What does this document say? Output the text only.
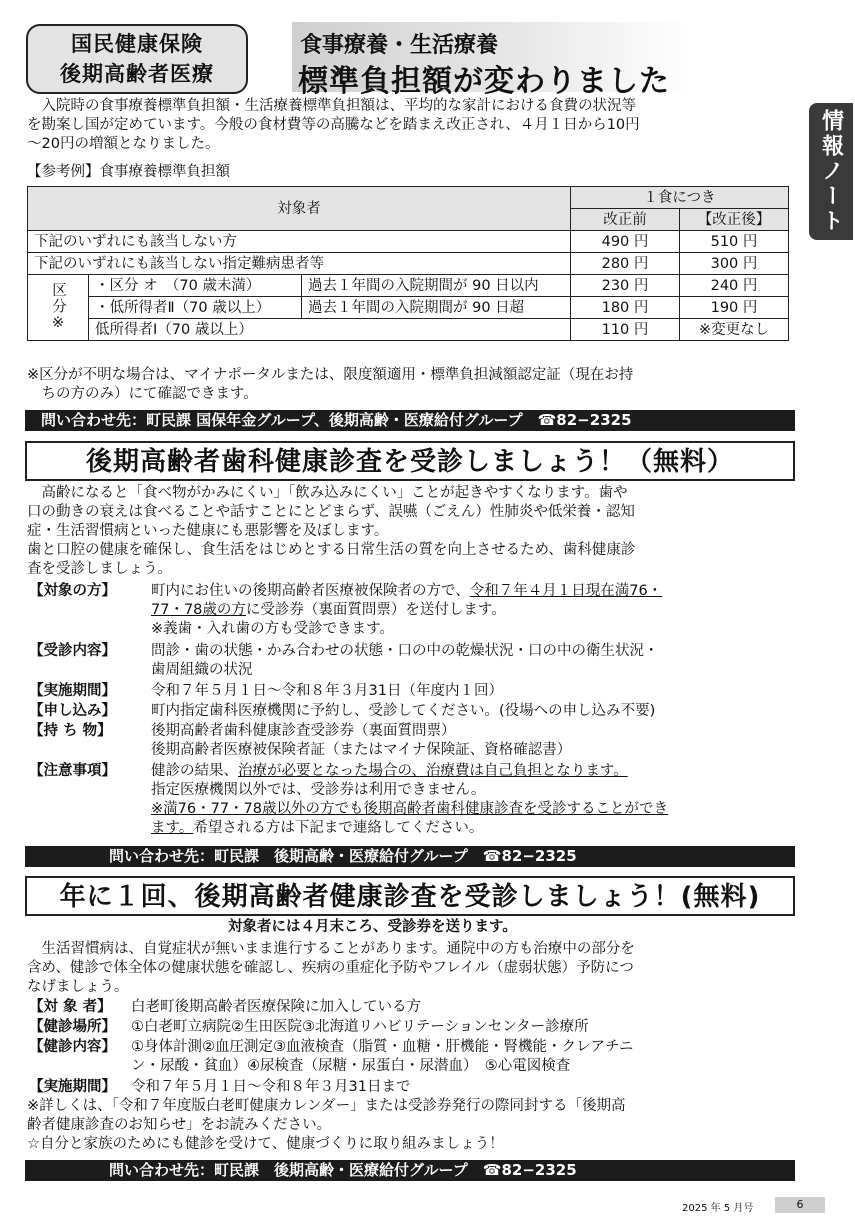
国民健康保険
後期高齢者医療
食事療養・生活療養
標準負担額が変わりました
情報ノート

　入院時の食事療養標準負担額・生活療養標準負担額は、平均的な家計における食費の状況等

を勘案し国が定めています。今般の食材費等の高騰などを踏まえ改正され、４月１日から10円

〜20円の増額となりました。

【参考例】食事療養標準負担額

対象者			１食につき	
			改正前	【改正後】
下記のいずれにも該当しない方			490 円	510 円
下記のいずれにも該当しない指定難病患者等			280 円	300 円
区分※	・区分 オ　（70 歳未満）	過去１年間の入院期間が 90 日以内	230 円	240 円
	・低所得者Ⅱ（70 歳以上）	過去１年間の入院期間が 90 日超	180 円	190 円
	低所得者Ⅰ（70 歳以上）		110 円	※変更なし

※区分が不明な場合は、マイナポータルまたは、限度額適用・標準負担減額認定証（現在お持

　ちの方のみ）にて確認できます。

問い合わせ先：町民課 国保年金グループ、後期高齢・医療給付グループ　☎82−2325
後期高齢者歯科健康診査を受診しましょう！（無料）

　高齢になると「食べ物がかみにくい」「飲み込みにくい」ことが起きやすくなります。歯や

口の動きの衰えは食べることや話すことにとどまらず、誤嚥（ごえん）性肺炎や低栄養・認知

症・生活習慣病といった健康にも悪影響を及ぼします。

歯と口腔の健康を確保し、食生活をはじめとする日常生活の質を向上させるため、歯科健康診

査を受診しましょう。

【対象の方】 町内にお住いの後期高齢者医療被保険者の方で、令和７年４月１日現在満76・

77・78歳の方に受診券（裏面質問票）を送付します。

※義歯・入れ歯の方も受診できます。

【受診内容】 問診・歯の状態・かみ合わせの状態・口の中の乾燥状況・口の中の衛生状況・

歯周組織の状況

【実施期間】 令和７年５月１日〜令和８年３月31日（年度内１回）

【申し込み】 町内指定歯科医療機関に予約し、受診してください。(役場への申し込み不要)

【持 ち 物】	後期高齢者歯科健康診査受診券（裏面質問票）

後期高齢者医療被保険者証（またはマイナ保険証、資格確認書）

【注意事項】 健診の結果、治療が必要となった場合の、治療費は自己負担となります。

指定医療機関以外では、受診券は利用できません。

※満76・77・78歳以外の方でも後期高齢者歯科健康診査を受診することができ

ます。希望される方は下記まで連絡してください。

問い合わせ先：町民課　後期高齢・医療給付グループ　☎82−2325
年に１回、後期高齢者健康診査を受診しましょう！(無料)

対象者には４月末ころ、受診券を送ります。

　生活習慣病は、自覚症状が無いまま進行することがあります。通院中の方も治療中の部分を

含め、健診で体全体の健康状態を確認し、疾病の重症化予防やフレイル（虚弱状態）予防につ

なげましょう。

【対 象 者】 白老町後期高齢者医療保険に加入している方

【健診場所】 ①白老町立病院②生田医院③北海道リハビリテーションセンター診療所

【健診内容】 ①身体計測②血圧測定③血液検査（脂質・血糖・肝機能・腎機能・クレアチニ

ン・尿酸・貧血）④尿検査（尿糖・尿蛋白・尿潜血）　⑤心電図検査

【実施期間】 令和７年５月１日〜令和８年３月31日まで

※詳しくは、「令和７年度版白老町健康カレンダー」または受診券発行の際同封する「後期高

齢者健康診査のお知らせ」をお読みください。

☆自分と家族のためにも健診を受けて、健康づくりに取り組みましょう！

問い合わせ先：町民課　後期高齢・医療給付グループ　☎82−2325
2025 年 5 月号	6
